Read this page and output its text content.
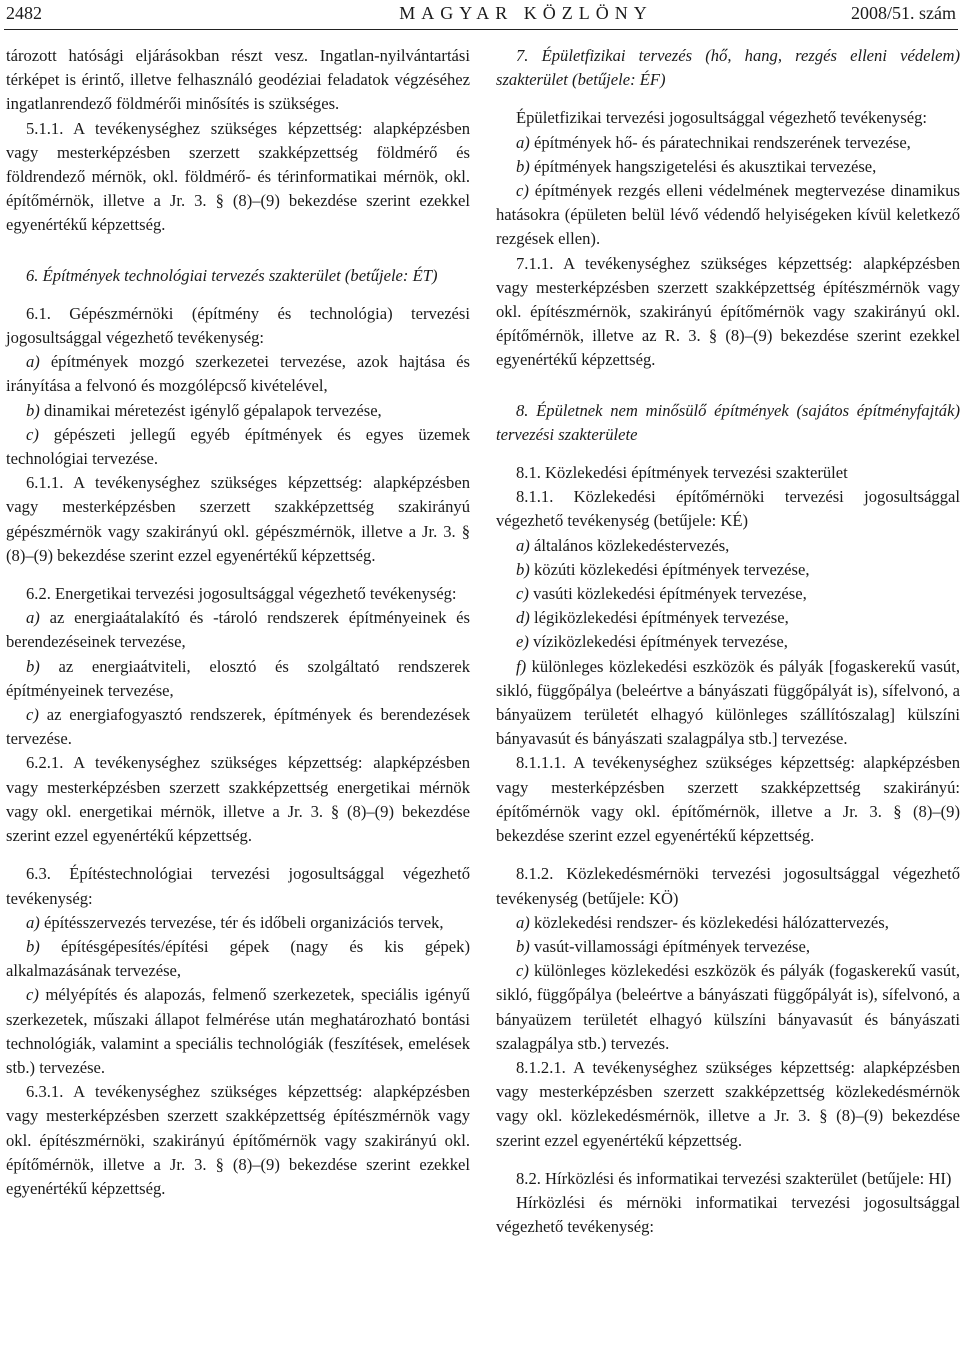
2482	MAGYAR KÖZLÖNY	2008/51. szám

tározott hatósági eljárásokban részt vesz. Ingatlan-nyilvántartási térképet is érintő, illetve felhasználó geodéziai feladatok végzéséhez ingatlanrendező földmérői minősítés is szükséges.

5.1.1. A tevékenységhez szükséges képzettség: alapképzésben vagy mesterképzésben szerzett szakképzettség földmérő és földrendező mérnök, okl. földmérő- és térinformatikai mérnök, okl. építőmérnök, illetve a Jr. 3. § (8)–(9) bekezdése szerint ezekkel egyenértékű képzettség.

6. Építmények technológiai tervezés szakterület (betűjele: ÉT)

6.1. Gépészmérnöki (építmény és technológia) tervezési jogosultsággal végezhető tevékenység:

a) építmények mozgó szerkezetei tervezése, azok hajtása és irányítása a felvonó és mozgólépcső kivételével,

b) dinamikai méretezést igénylő gépalapok tervezése,

c) gépészeti jellegű egyéb építmények és egyes üzemek technológiai tervezése.

6.1.1. A tevékenységhez szükséges képzettség: alapképzésben vagy mesterképzésben szerzett szakképzettség szakirányú gépészmérnök vagy szakirányú okl. gépészmérnök, illetve a Jr. 3. § (8)–(9) bekezdése szerint ezzel egyenértékű képzettség.

6.2. Energetikai tervezési jogosultsággal végezhető tevékenység:

a) az energiaátalakító és -tároló rendszerek építményeinek és berendezéseinek tervezése,

b) az energiaátviteli, elosztó és szolgáltató rendszerek építményeinek tervezése,

c) az energiafogyasztó rendszerek, építmények és berendezések tervezése.

6.2.1. A tevékenységhez szükséges képzettség: alapképzésben vagy mesterképzésben szerzett szakképzettség energetikai mérnök vagy okl. energetikai mérnök, illetve a Jr. 3. § (8)–(9) bekezdése szerint ezzel egyenértékű képzettség.

6.3. Építéstechnológiai tervezési jogosultsággal végezhető tevékenység:

a) építésszervezés tervezése, tér és időbeli organizációs tervek,

b) építésgépesítés/építési gépek (nagy és kis gépek) alkalmazásának tervezése,

c) mélyépítés és alapozás, felmenő szerkezetek, speciális igényű szerkezetek, műszaki állapot felmérése után meghatározható bontási technológiák, valamint a speciális technológiák (feszítések, emelések stb.) tervezése.

6.3.1. A tevékenységhez szükséges képzettség: alapképzésben vagy mesterképzésben szerzett szakképzettség építészmérnök vagy okl. építészmérnöki, szakirányú építőmérnök vagy szakirányú okl. építőmérnök, illetve a Jr. 3. § (8)–(9) bekezdése szerint ezekkel egyenértékű képzettség.

7. Épületfizikai tervezés (hő, hang, rezgés elleni védelem) szakterület (betűjele: ÉF)

Épületfizikai tervezési jogosultsággal végezhető tevékenység:

a) építmények hő- és páratechnikai rendszerének tervezése,

b) építmények hangszigetelési és akusztikai tervezése,

c) építmények rezgés elleni védelmének megtervezése dinamikus hatásokra (épületen belül lévő védendő helyiségeken kívül keletkező rezgések ellen).

7.1.1. A tevékenységhez szükséges képzettség: alapképzésben vagy mesterképzésben szerzett szakképzettség építészmérnök vagy okl. építészmérnök, szakirányú építőmérnök vagy szakirányú okl. építőmérnök, illetve az R. 3. § (8)–(9) bekezdése szerint ezekkel egyenértékű képzettség.

8. Épületnek nem minősülő építmények (sajátos építményfajták) tervezési szakterülete

8.1. Közlekedési építmények tervezési szakterület

8.1.1. Közlekedési építőmérnöki tervezési jogosultsággal végezhető tevékenység (betűjele: KÉ)

a) általános közlekedéstervezés,

b) közúti közlekedési építmények tervezése,

c) vasúti közlekedési építmények tervezése,

d) légiközlekedési építmények tervezése,

e) víziközlekedési építmények tervezése,

f) különleges közlekedési eszközök és pályák [fogaskerekű vasút, sikló, függőpálya (beleértve a bányászati függőpályát is), sífelvonó, a bányaüzem területét elhagyó különleges szállítószalag] külszíni bányavasút és bányászati szalagpálya stb.] tervezése.

8.1.1.1. A tevékenységhez szükséges képzettség: alapképzésben vagy mesterképzésben szerzett szakképzettség szakirányú: építőmérnök vagy okl. építőmérnök, illetve a Jr. 3. § (8)–(9) bekezdése szerint ezzel egyenértékű képzettség.

8.1.2. Közlekedésmérnöki tervezési jogosultsággal végezhető tevékenység (betűjele: KÖ)

a) közlekedési rendszer- és közlekedési hálózattervezés,

b) vasút-villamossági építmények tervezése,

c) különleges közlekedési eszközök és pályák (fogaskerekű vasút, sikló, függőpálya (beleértve a bányászati függőpályát is), sífelvonó, a bányaüzem területét elhagyó külszíni bányavasút és bányászati szalagpálya stb.) tervezés.

8.1.2.1. A tevékenységhez szükséges képzettség: alapképzésben vagy mesterképzésben szerzett szakképzettség közlekedésmérnök vagy okl. közlekedésmérnök, illetve a Jr. 3. § (8)–(9) bekezdése szerint ezzel egyenértékű képzettség.

8.2. Hírközlési és informatikai tervezési szakterület (betűjele: HI)

Hírközlési és mérnöki informatikai tervezési jogosultsággal végezhető tevékenység:
